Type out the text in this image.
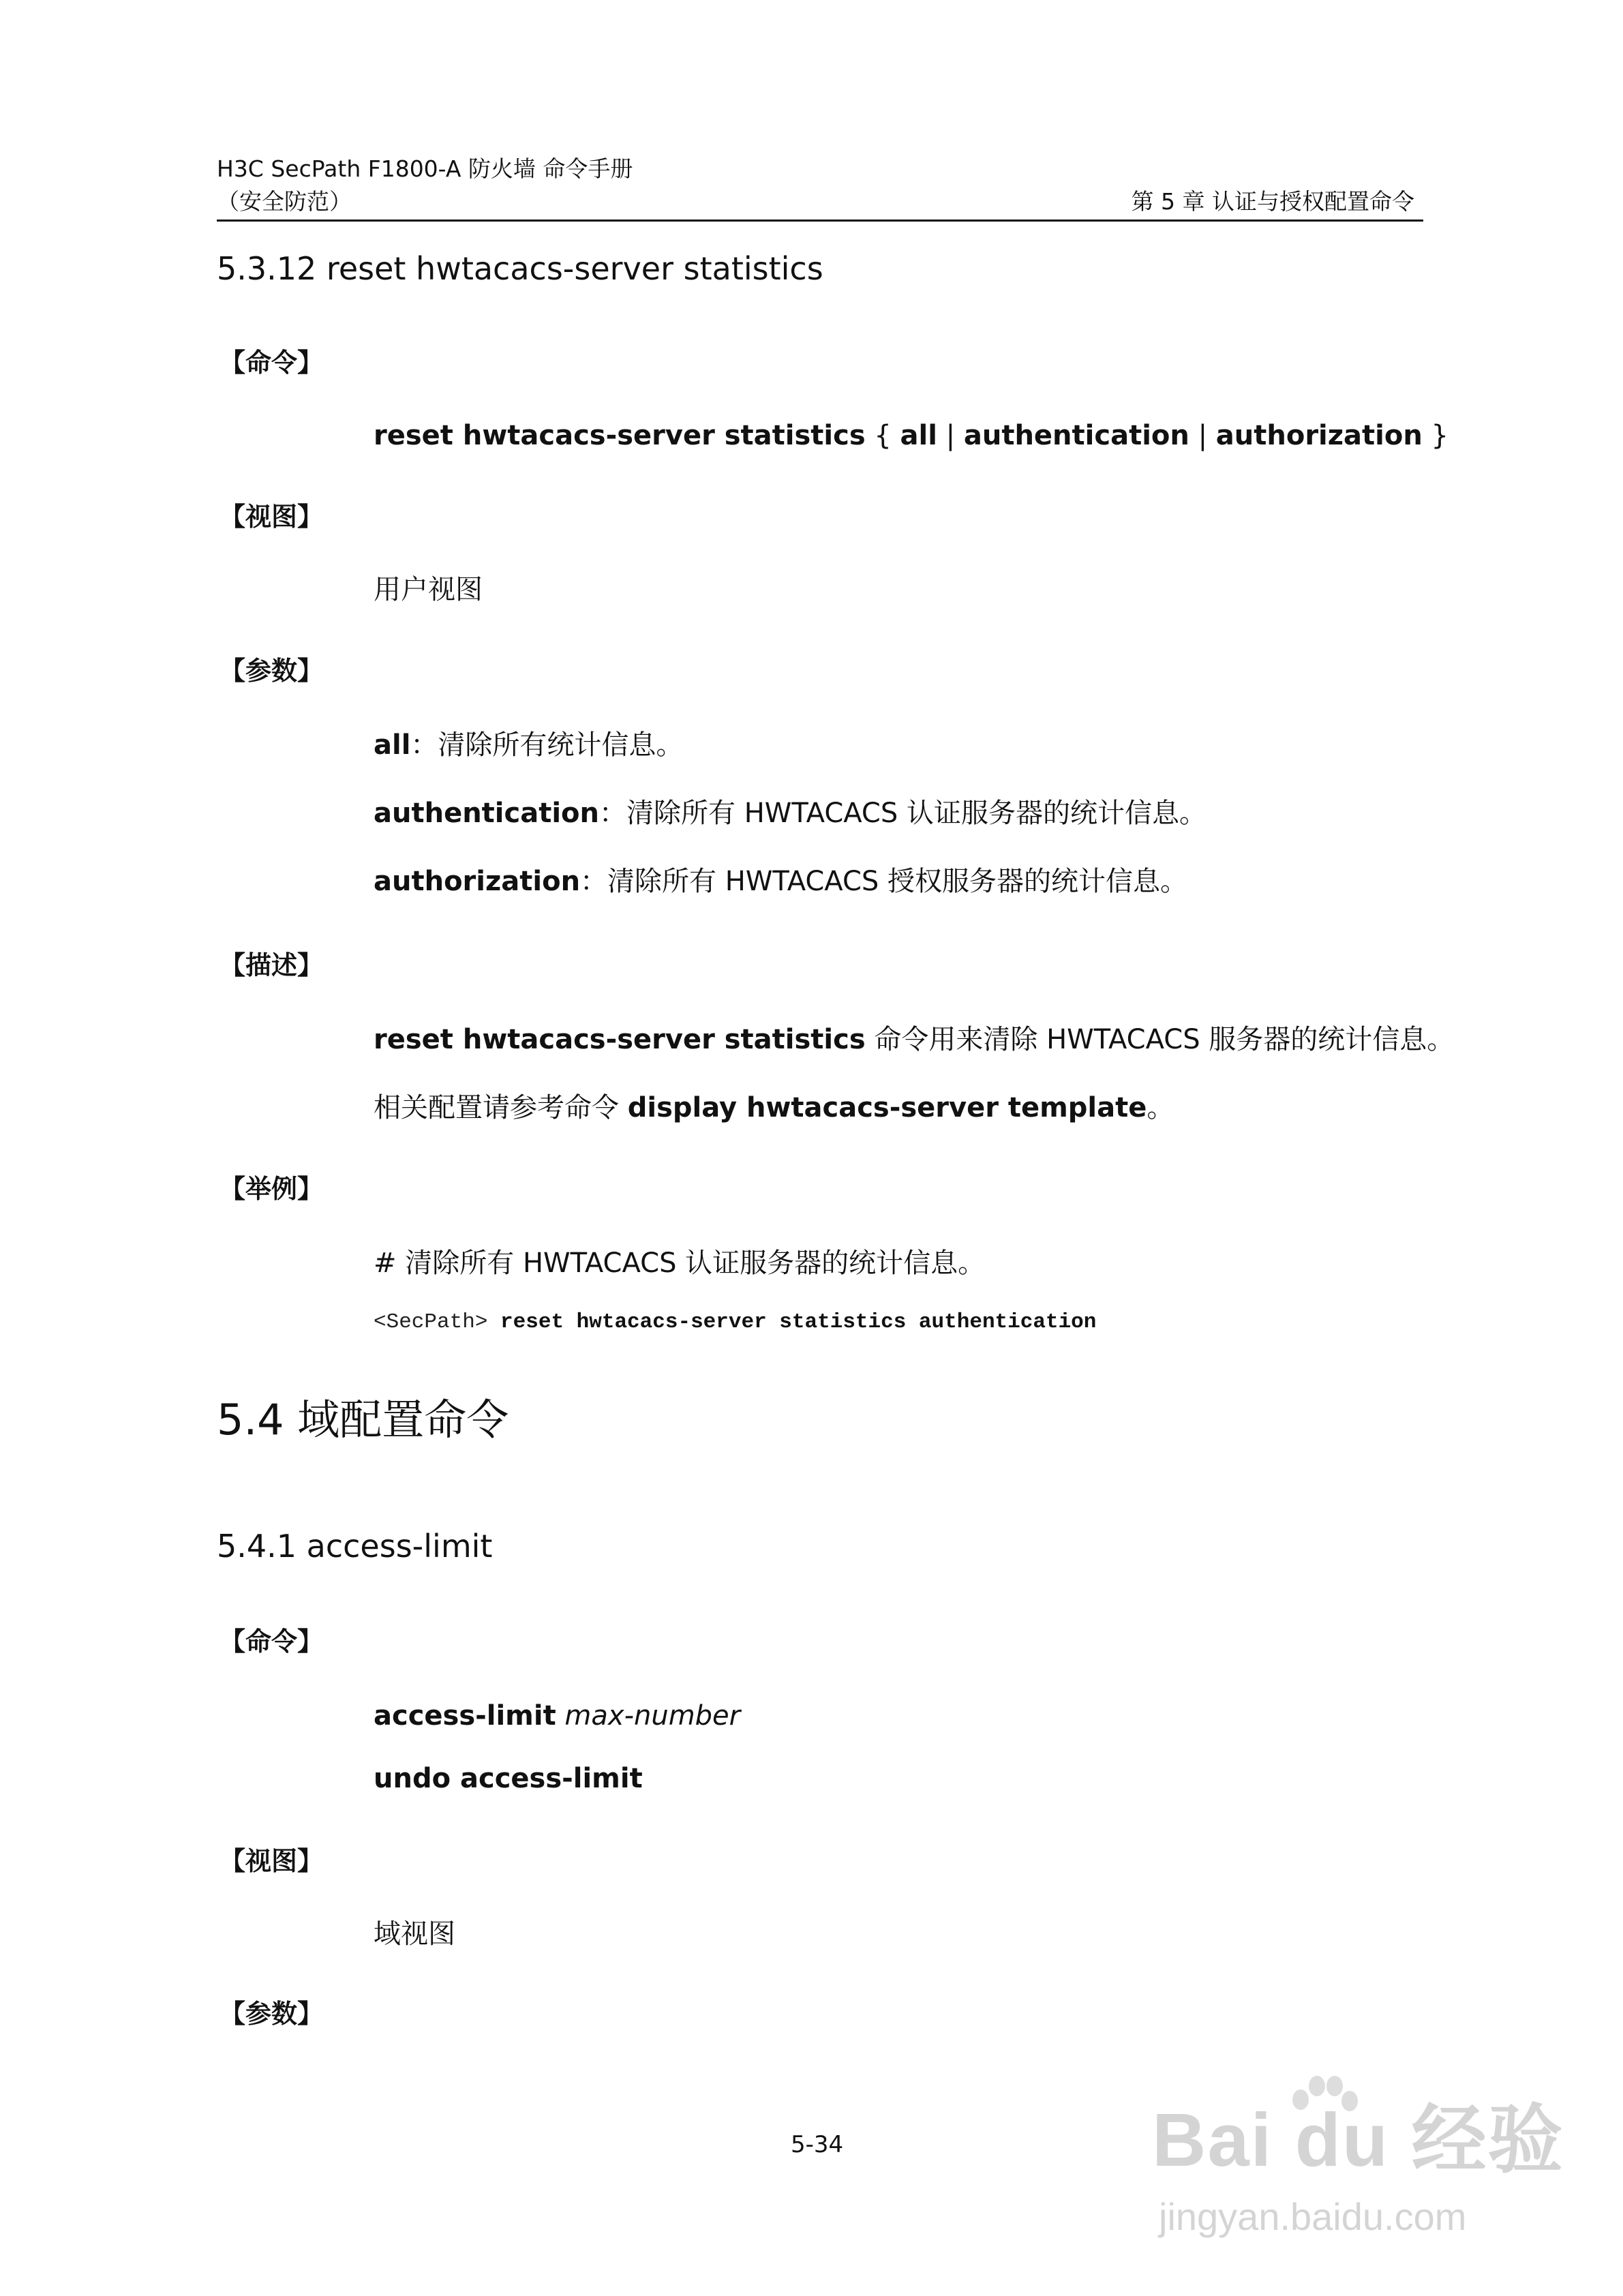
H3C SecPath F1800-A 防火墙 命令手册
（安全防范）	第 5 章 认证与授权配置命令
5.3.12 reset hwtacacs-server statistics
【命令】
reset hwtacacs-server statistics { all | authentication | authorization }
【视图】
用户视图
【参数】
all：清除所有统计信息。
authentication：清除所有 HWTACACS 认证服务器的统计信息。
authorization：清除所有 HWTACACS 授权服务器的统计信息。
【描述】
reset hwtacacs-server statistics 命令用来清除 HWTACACS 服务器的统计信息。
相关配置请参考命令 display hwtacacs-server template。
【举例】
# 清除所有 HWTACACS 认证服务器的统计信息。
<SecPath> reset hwtacacs-server statistics authentication
5.4 域配置命令
5.4.1 access-limit
【命令】
access-limit max-number
undo access-limit
【视图】
域视图
【参数】
5-34	Bai du 经验
jingyan.baidu.com
